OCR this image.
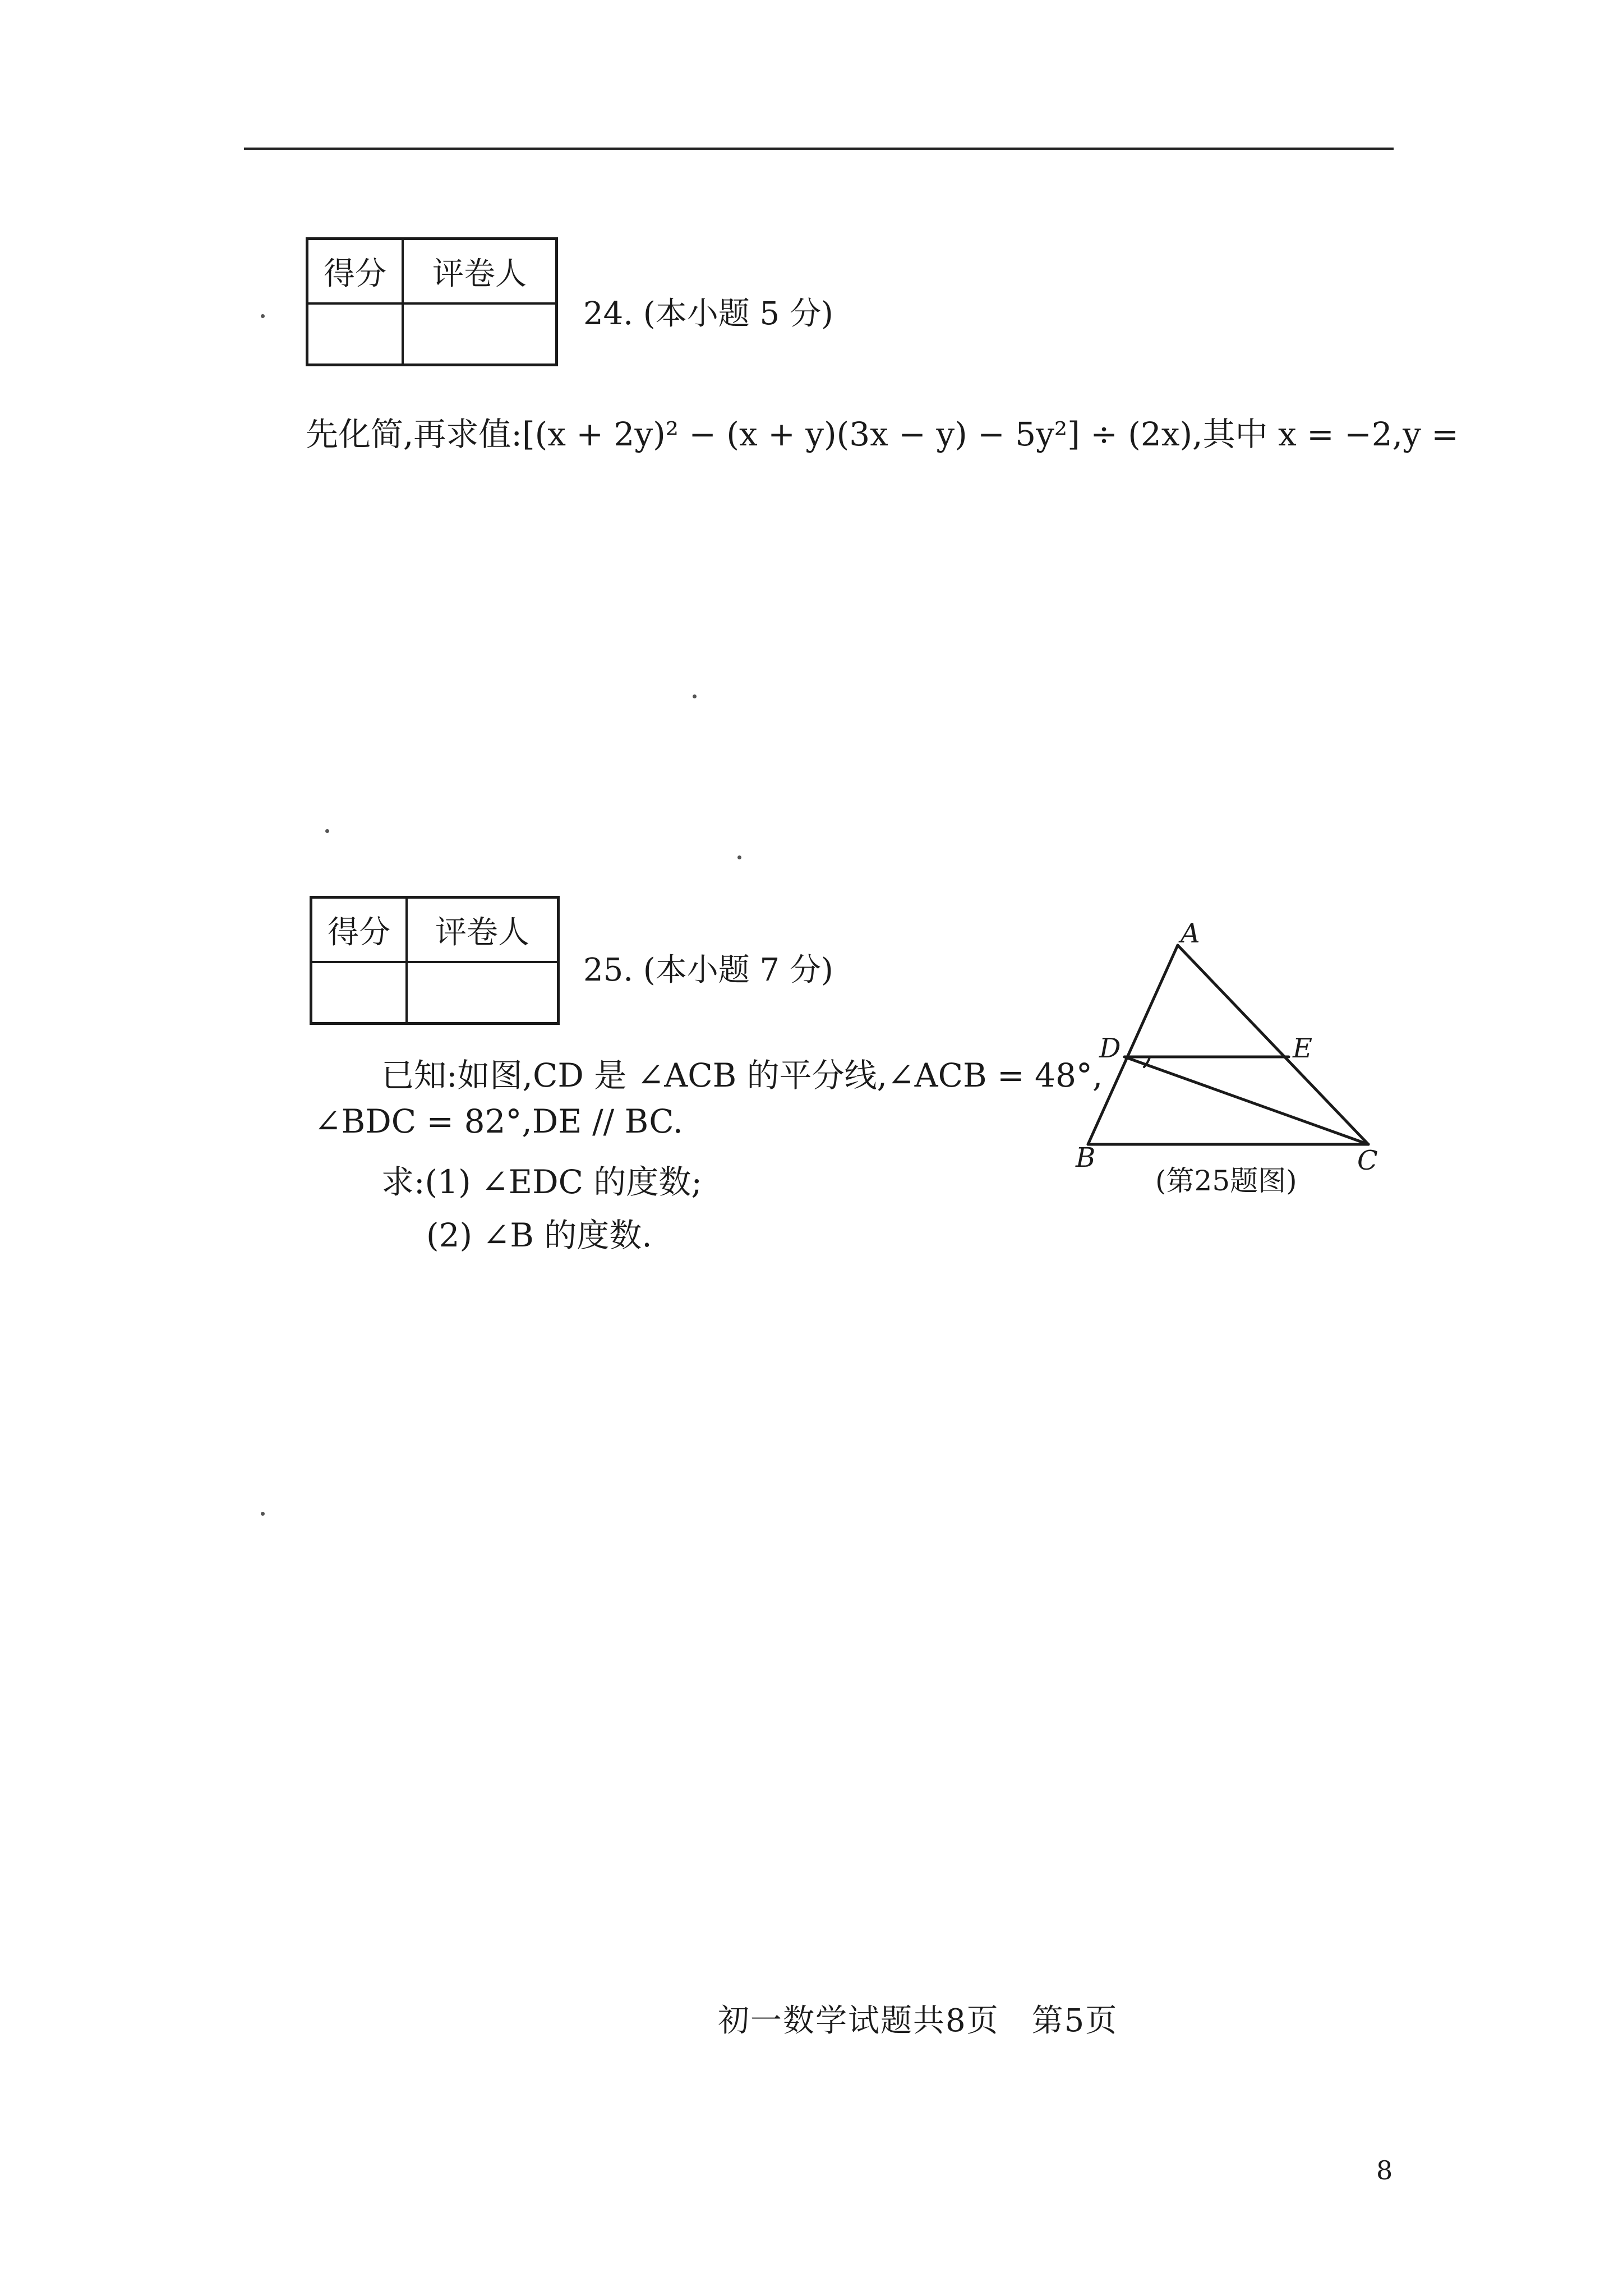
得分	评卷人
24. (本小题 5 分)
先化简,再求值:[(x + 2y)² − (x + y)(3x − y) − 5y²] ÷ (2x),其中 x = −2,y =
得分	评卷人
25. (本小题 7 分)
已知:如图,CD 是 ∠ACB 的平分线,∠ACB = 48°,
∠BDC = 82°,DE // BC.
求:(1) ∠EDC 的度数;
(2) ∠B 的度数.
A
D	E
B	C
(第25题图)
初一数学试题共8页　第5页
8
